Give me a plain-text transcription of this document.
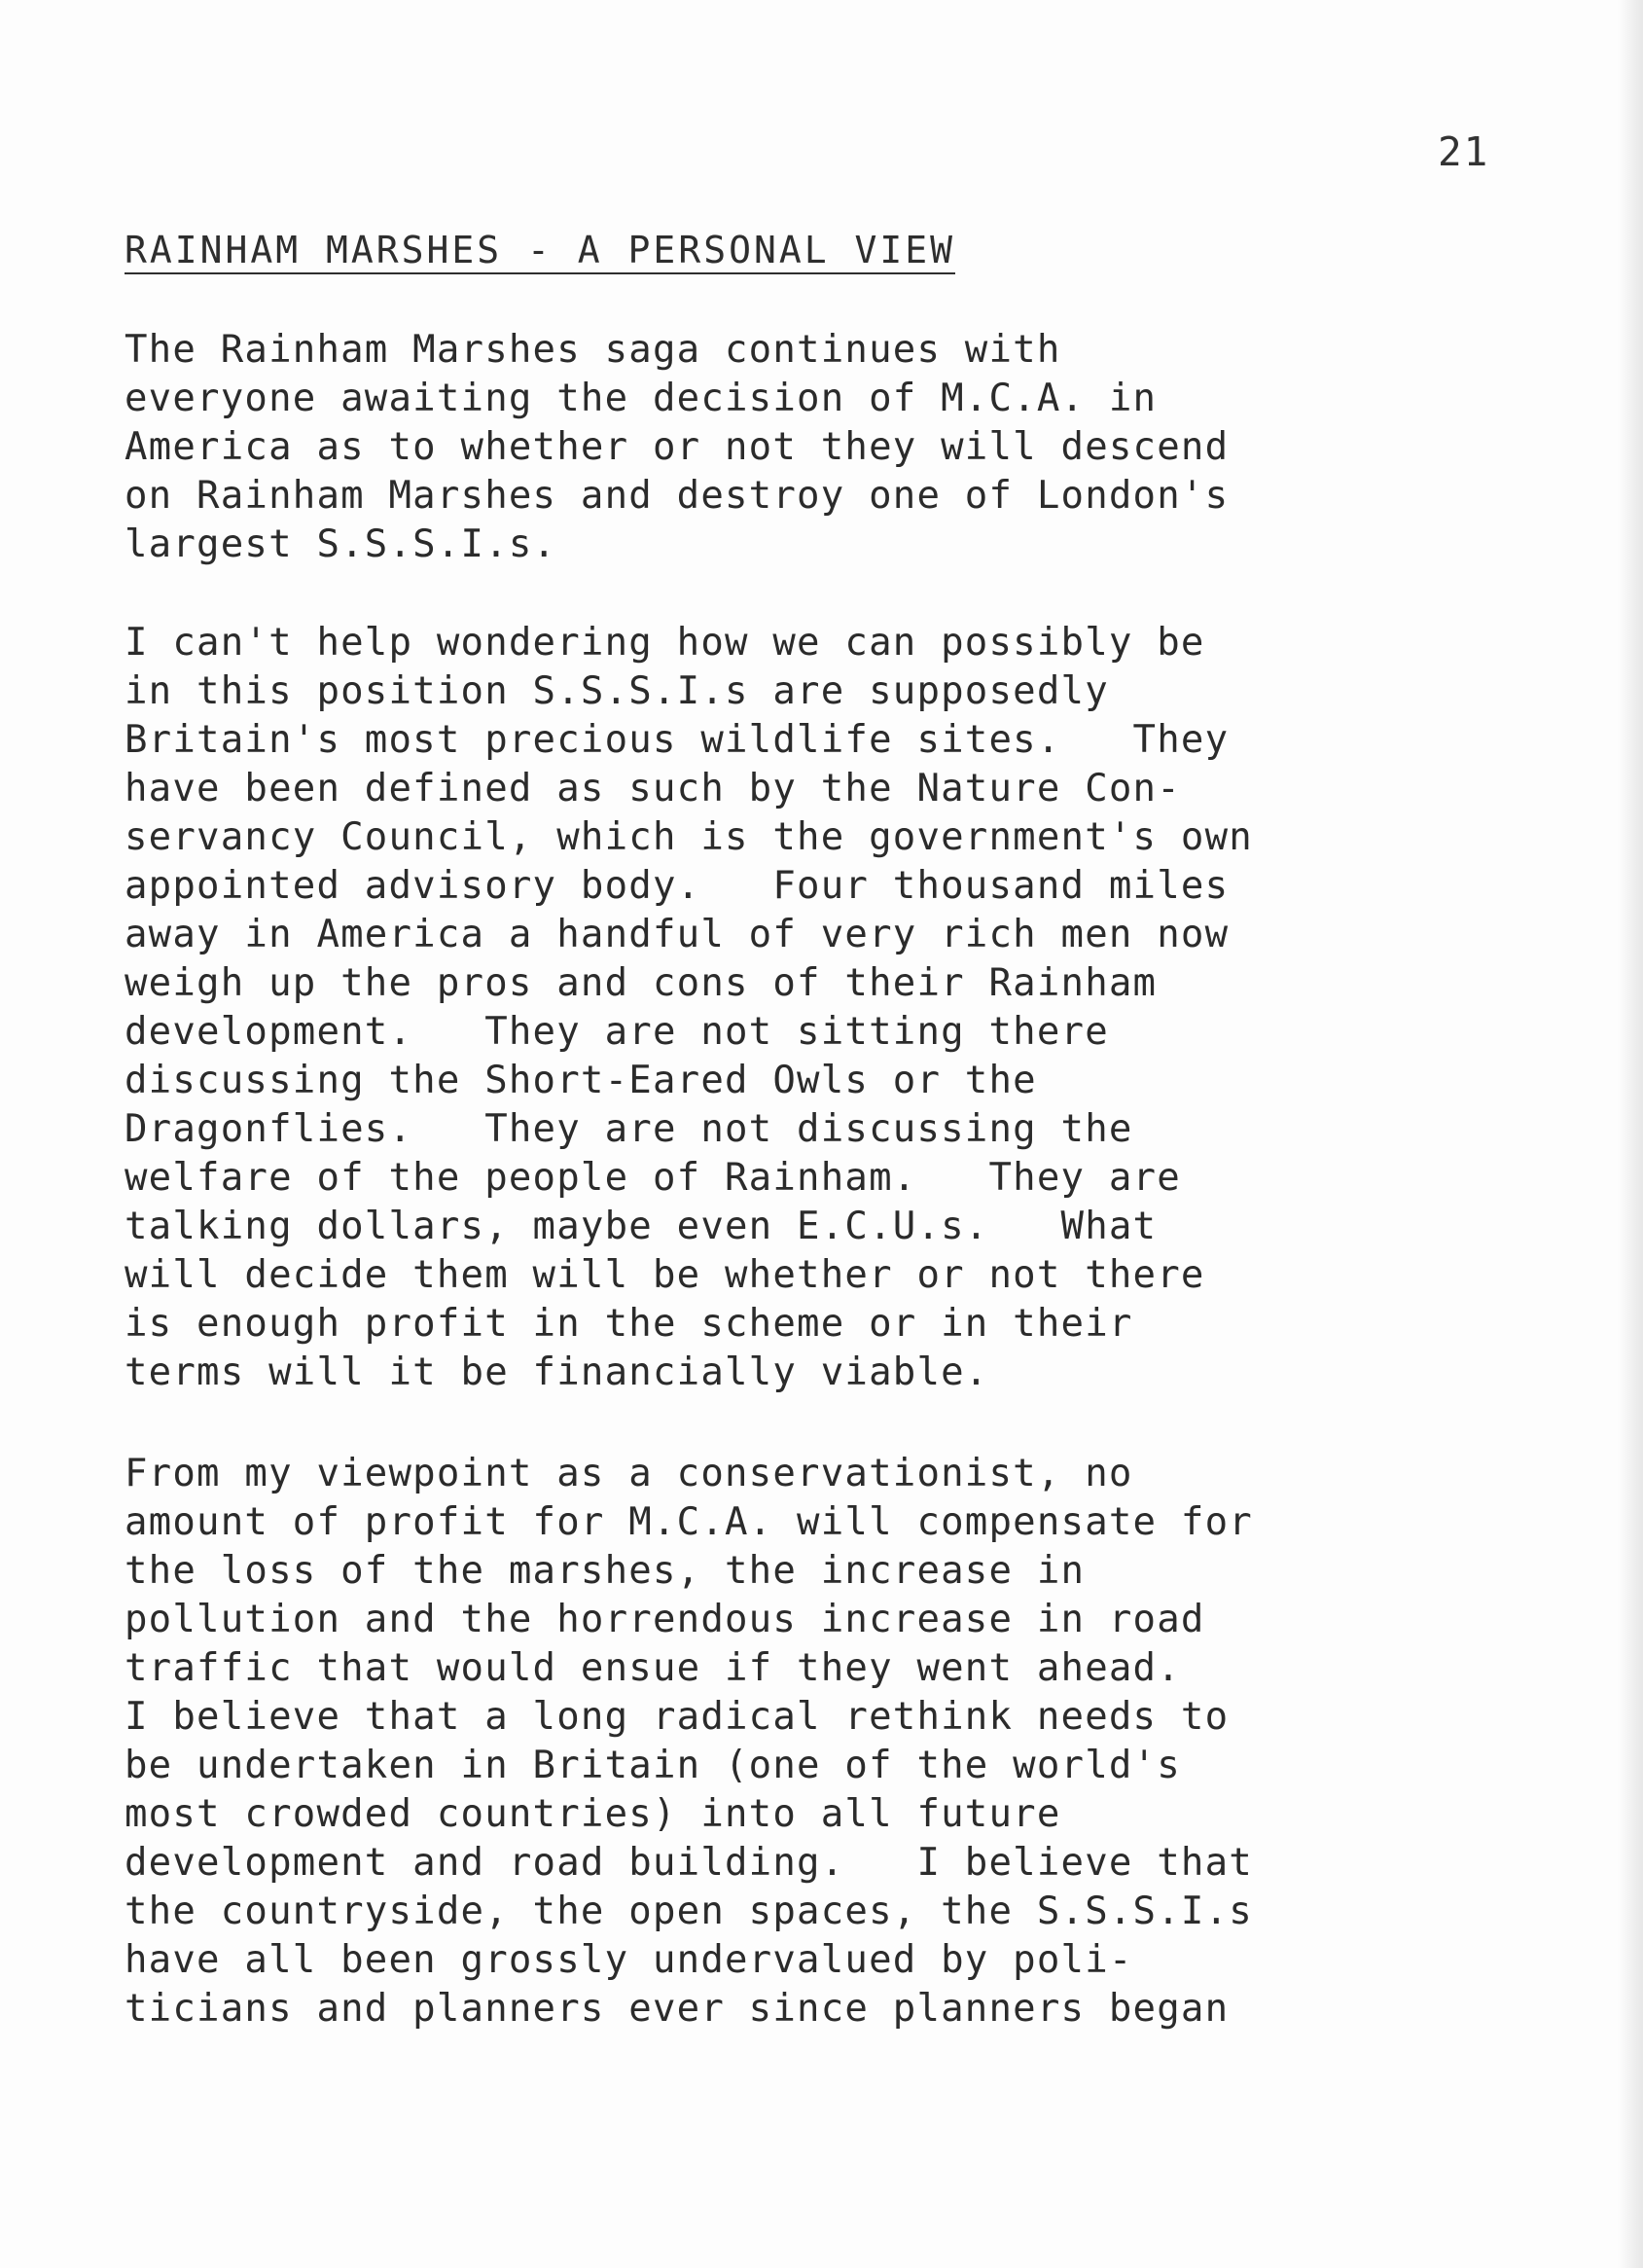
21
RAINHAM MARSHES - A PERSONAL VIEW
The Rainham Marshes saga continues with
everyone awaiting the decision of M.C.A. in
America as to whether or not they will descend
on Rainham Marshes and destroy one of London's
largest S.S.S.I.s.
I can't help wondering how we can possibly be
in this position S.S.S.I.s are supposedly
Britain's most precious wildlife sites.   They
have been defined as such by the Nature Con-
servancy Council, which is the government's own
appointed advisory body.   Four thousand miles
away in America a handful of very rich men now
weigh up the pros and cons of their Rainham
development.   They are not sitting there
discussing the Short-Eared Owls or the
Dragonflies.   They are not discussing the
welfare of the people of Rainham.   They are
talking dollars, maybe even E.C.U.s.   What
will decide them will be whether or not there
is enough profit in the scheme or in their
terms will it be financially viable.
From my viewpoint as a conservationist, no
amount of profit for M.C.A. will compensate for
the loss of the marshes, the increase in
pollution and the horrendous increase in road
traffic that would ensue if they went ahead.
I believe that a long radical rethink needs to
be undertaken in Britain (one of the world's
most crowded countries) into all future
development and road building.   I believe that
the countryside, the open spaces, the S.S.S.I.s
have all been grossly undervalued by poli-
ticians and planners ever since planners began
